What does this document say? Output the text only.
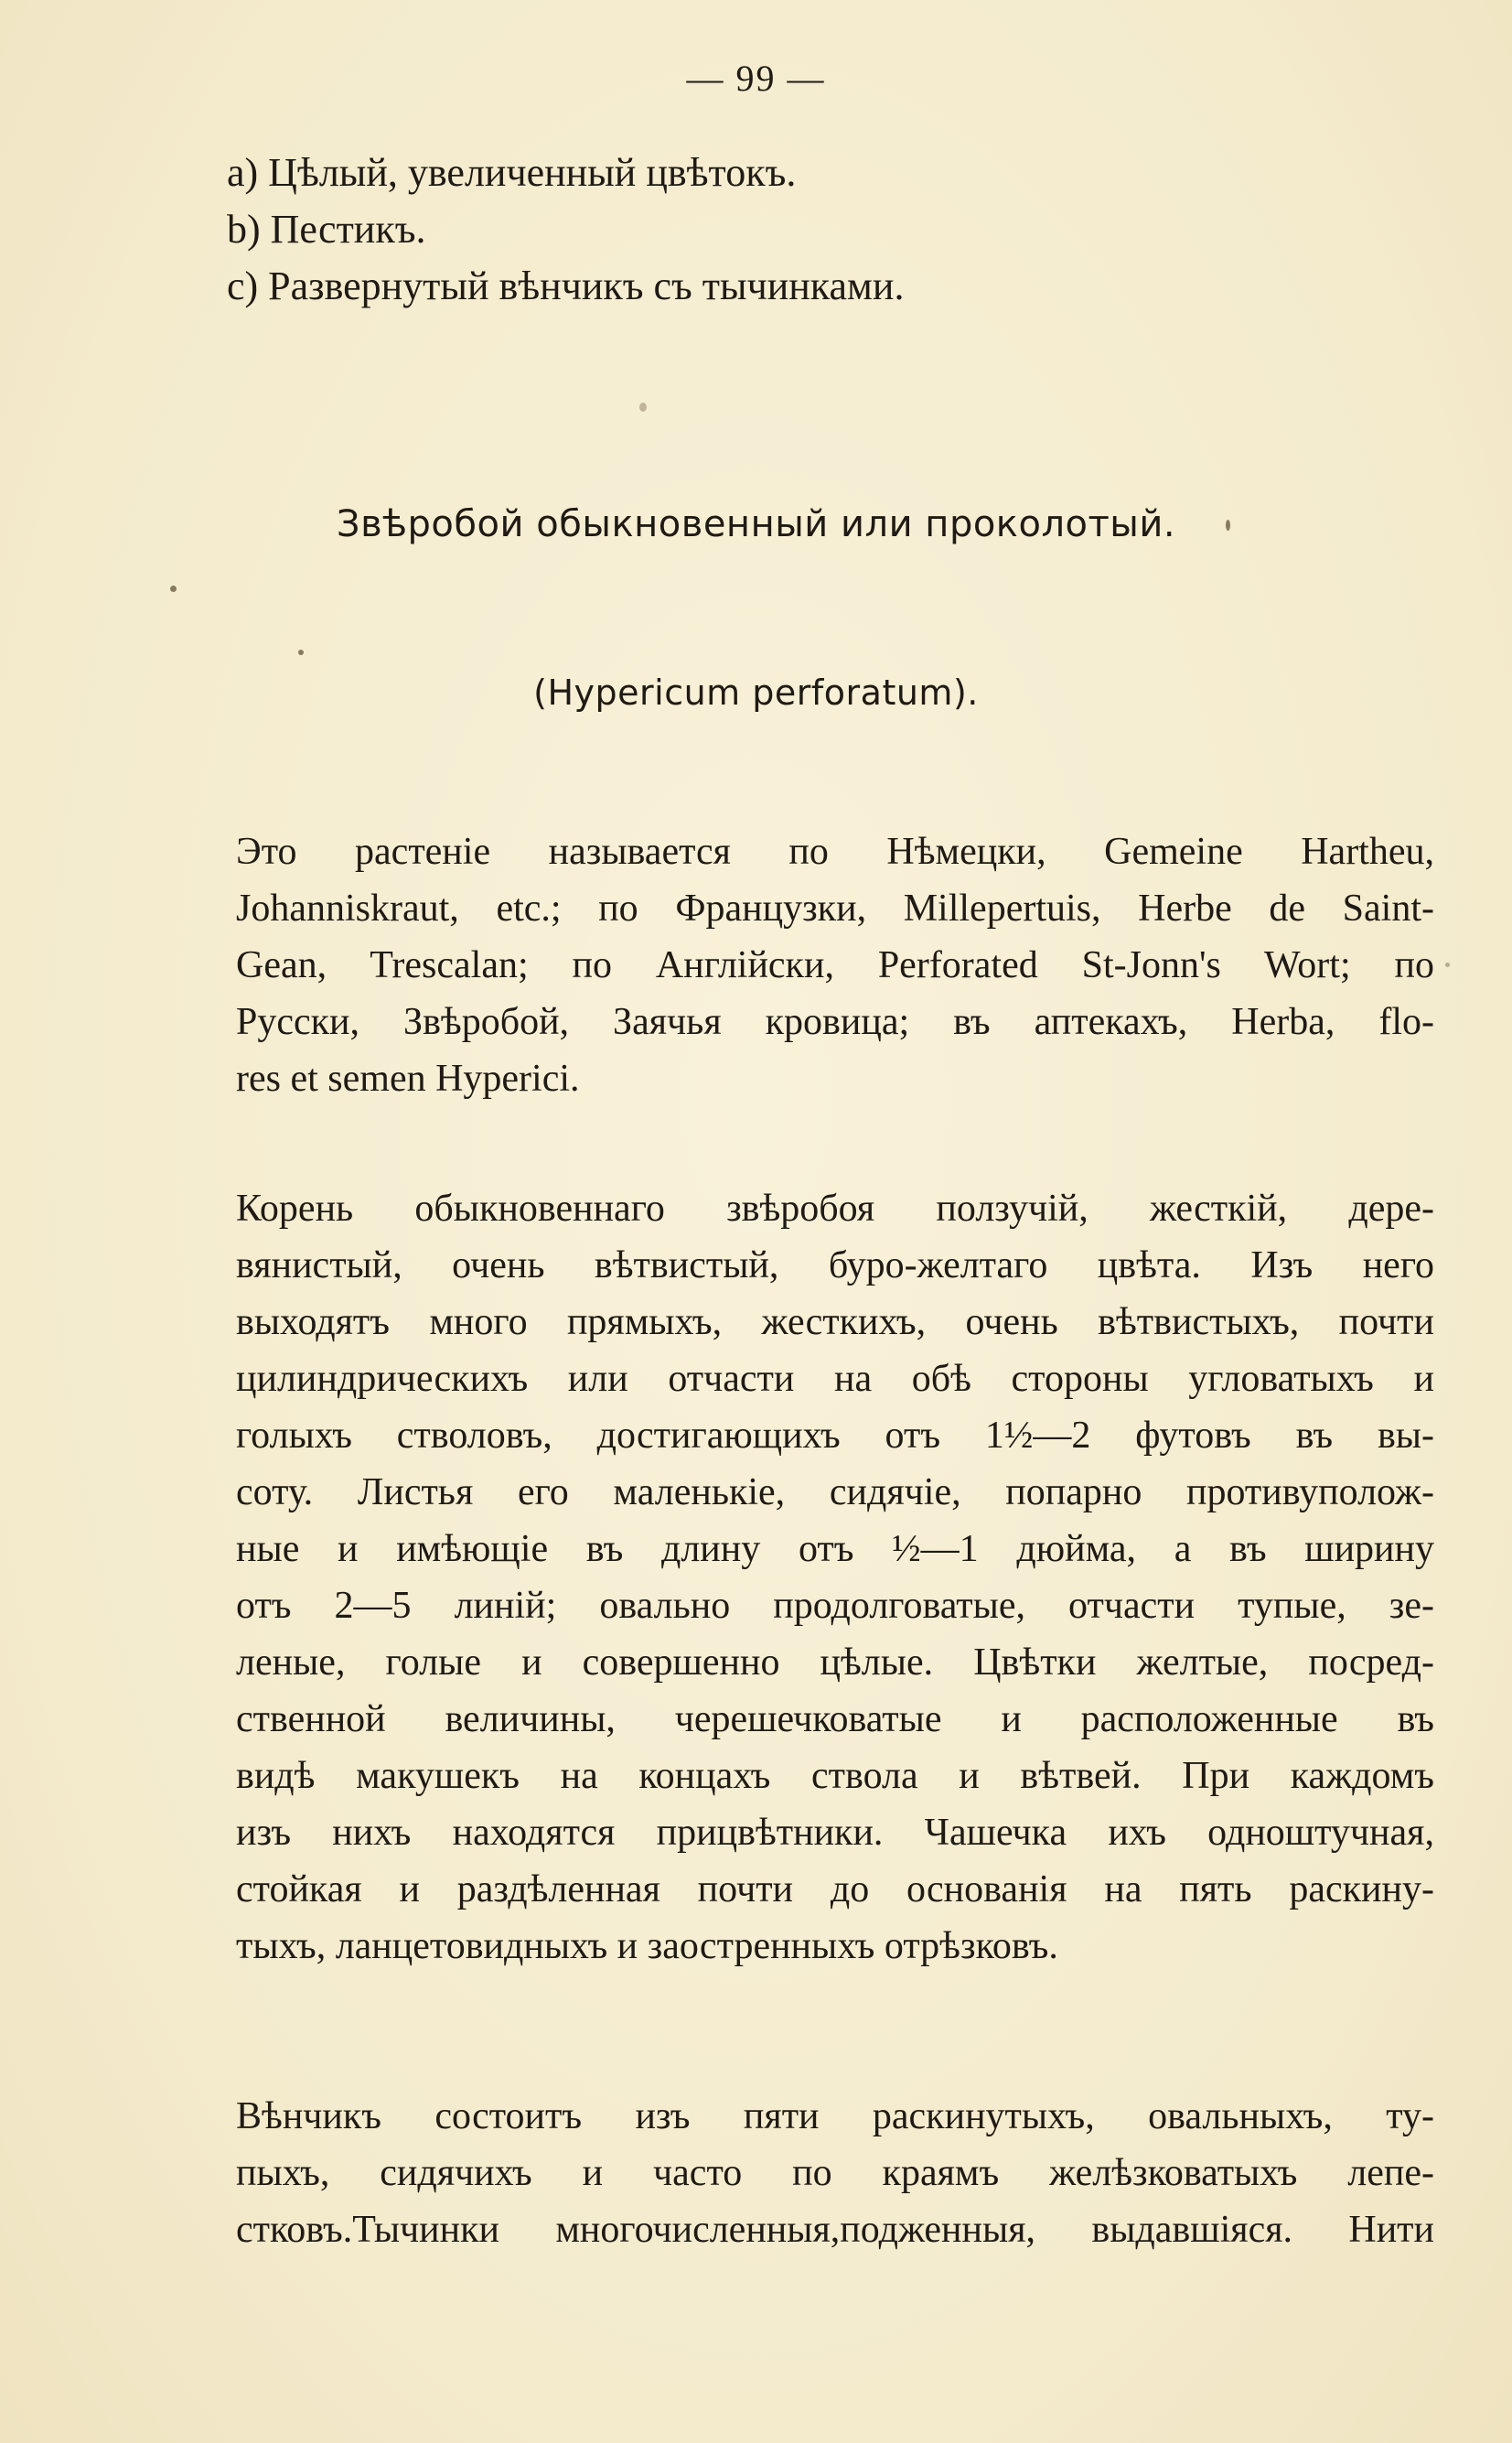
— 99 —
a) Цѣлый, увеличенный цвѣтокъ.
b) Пестикъ.
c) Развернутый вѣнчикъ съ тычинками.
Звѣробой обыкновенный или проколотый.
(Hypericum perforatum).
Это растеніе называется по Нѣмецки, Gemeine Hartheu,
Johanniskraut, etc.; по Французки, Millepertuis, Herbe de Saint-
Gean, Trescalan; по Англійски, Perforated St-Jonn's Wort; по
Русски, Звѣробой, Заячья кровица; въ аптекахъ, Herba, flo-
res et semen Hyperici.
Корень обыкновеннаго звѣробоя ползучій, жесткій, дере-
вянистый, очень вѣтвистый, буро-желтаго цвѣта. Изъ него
выходятъ много прямыхъ, жесткихъ, очень вѣтвистыхъ, почти
цилиндрическихъ или отчасти на обѣ стороны угловатыхъ и
голыхъ стволовъ, достигающихъ отъ 1½—2 футовъ въ вы-
соту. Листья его маленькіе, сидячіе, попарно противуполож-
ные и имѣющіе въ длину отъ ½—1 дюйма, а въ ширину
отъ 2—5 линій; овально продолговатые, отчасти тупые, зе-
леные, голые и совершенно цѣлые. Цвѣтки желтые, посред-
ственной величины, черешечковатые и расположенные въ
видѣ макушекъ на концахъ ствола и вѣтвей. При каждомъ
изъ нихъ находятся прицвѣтники. Чашечка ихъ одноштучная,
стойкая и раздѣленная почти до основанія на пять раскину-
тыхъ, ланцетовидныхъ и заостренныхъ отрѣзковъ.
Вѣнчикъ состоитъ изъ пяти раскинутыхъ, овальныхъ, ту-
пыхъ, сидячихъ и часто по краямъ желѣзковатыхъ лепе-
стковъ.Тычинки многочисленныя,подженныя, выдавшіяся. Нити
